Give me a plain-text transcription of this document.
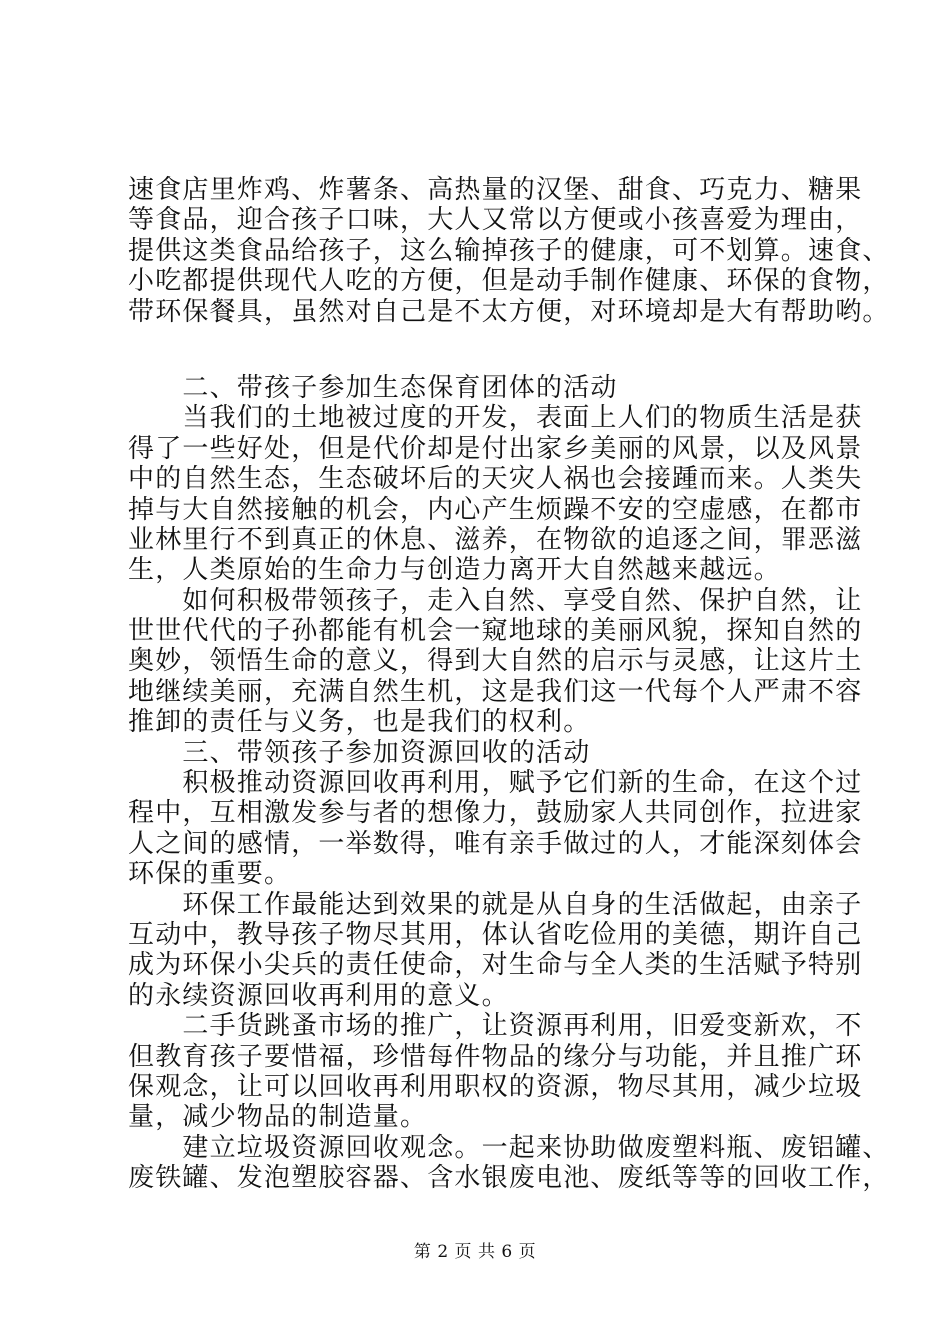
速食店里炸鸡、炸薯条、高热量的汉堡、甜食、巧克力、糖果
等食品，迎合孩子口味，大人又常以方便或小孩喜爱为理由，
提供这类食品给孩子，这么输掉孩子的健康，可不划算。速食、
小吃都提供现代人吃的方便，但是动手制作健康、环保的食物，
带环保餐具，虽然对自己是不太方便，对环境却是大有帮助哟。
　　二、带孩子参加生态保育团体的活动
　　当我们的土地被过度的开发，表面上人们的物质生活是获
得了一些好处，但是代价却是付出家乡美丽的风景，以及风景
中的自然生态，生态破坏后的天灾人祸也会接踵而来。人类失
掉与大自然接触的机会，内心产生烦躁不安的空虚感，在都市
业林里行不到真正的休息、滋养，在物欲的追逐之间，罪恶滋
生，人类原始的生命力与创造力离开大自然越来越远。
　　如何积极带领孩子，走入自然、享受自然、保护自然，让
世世代代的子孙都能有机会一窥地球的美丽风貌，探知自然的
奥妙，领悟生命的意义，得到大自然的启示与灵感，让这片土
地继续美丽，充满自然生机，这是我们这一代每个人严肃不容
推卸的责任与义务，也是我们的权利。
　　三、带领孩子参加资源回收的活动
　　积极推动资源回收再利用，赋予它们新的生命，在这个过
程中，互相激发参与者的想像力，鼓励家人共同创作，拉进家
人之间的感情，一举数得，唯有亲手做过的人，才能深刻体会
环保的重要。
　　环保工作最能达到效果的就是从自身的生活做起，由亲子
互动中，教导孩子物尽其用，体认省吃俭用的美德，期许自己
成为环保小尖兵的责任使命，对生命与全人类的生活赋予特别
的永续资源回收再利用的意义。
　　二手货跳蚤市场的推广，让资源再利用，旧爱变新欢，不
但教育孩子要惜福，珍惜每件物品的缘分与功能，并且推广环
保观念，让可以回收再利用职权的资源，物尽其用，减少垃圾
量，减少物品的制造量。
　　建立垃圾资源回收观念。一起来协助做废塑料瓶、废铝罐、
废铁罐、发泡塑胶容器、含水银废电池、废纸等等的回收工作，
第 2 页 共 6 页
